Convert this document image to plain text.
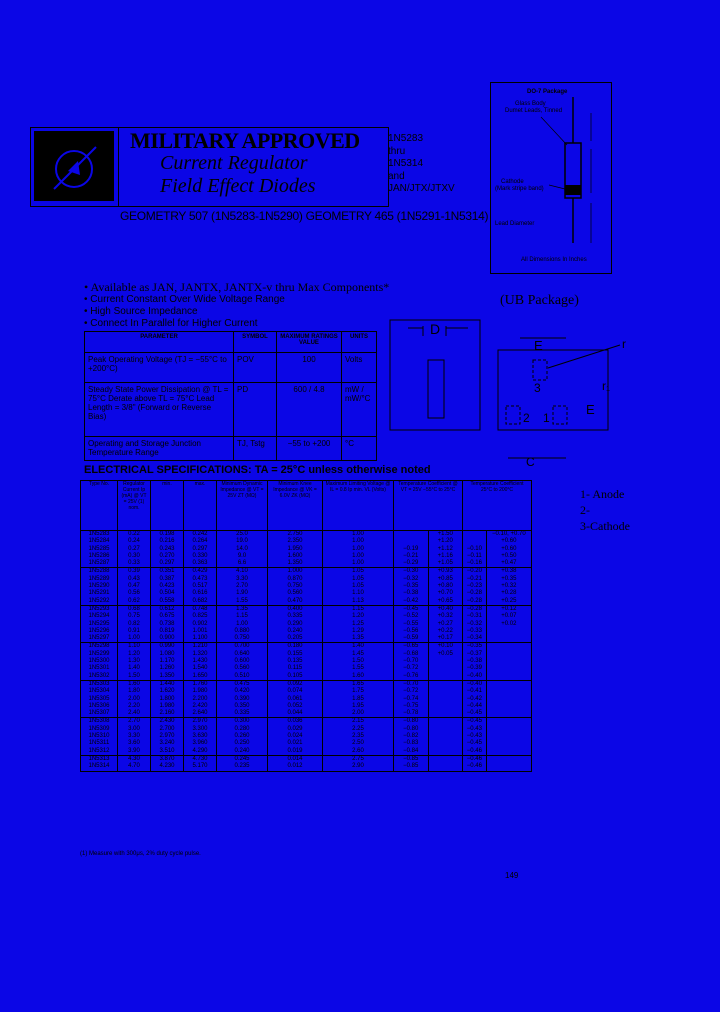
MILITARY APPROVED
Current Regulator
Field Effect Diodes
1N5283
thru
1N5314
and
JAN/JTX/JTXV
GEOMETRY 507 (1N5283-1N5290) GEOMETRY 465 (1N5291-1N5314)
DO-7 Package
Glass Body
Dumet Leads, Tinned
Cathode
(Mark stripe band)
Lead Diameter
All Dimensions In Inches
• Available as JAN, JANTX, JANTX-v thru Max Components*
• Current Constant Over Wide Voltage Range
• High Source Impedance
• Connect In Parallel for Higher Current
PARAMETER	SYMBOL	MAXIMUM RATINGS VALUE	UNITS
Peak Operating Voltage (TJ = −55°C to +200°C)	POV	100	Volts
Steady State Power Dissipation @ TL = 75°C Derate above TL = 75°C Lead Length = 3/8" (Forward or Reverse Bias)	PD	600 / 4.8	mW / mW/°C
Operating and Storage Junction Temperature Range	TJ, Tstg	−55 to +200	°C
(UB Package)
D
3
2 1
E
E
r
r₁
C
1- Anode
2-
3-Cathode
ELECTRICAL SPECIFICATIONS: TA = 25°C unless otherwise noted
Type No.	Regulator Current Ip (mA) @ VT = 25V (1) nom.	min.	max.	Minimum Dynamic Impedance @ VT = 25V ZT (MΩ)	Minimum Knee Impedance @ VK = 6.0V ZK (MΩ)	Maximum Limiting Voltage @ IL = 0.8 Ip min. VL (Volts)	Temperature Coefficient @ VT = 25V −55°C to 25°C		Temperature Coefficient 25°C to 200°C	
1N5283	0.22	0.198	0.242	25.0	2.750	1.00		+1.50		−0.10, +0.70
1N5284	0.24	0.216	0.264	19.0	2.350	1.00		+1.20		+0.60
1N5285	0.27	0.243	0.297	14.0	1.950	1.00	−0.19	+1.12	−0.10	+0.60
1N5286	0.30	0.270	0.330	9.0	1.600	1.00	−0.21	+1.16	−0.11	+0.50
1N5287	0.33	0.297	0.363	6.6	1.350	1.00	−0.29	+1.05	−0.16	+0.47
1N5288	0.39	0.351	0.429	4.10	1.000	1.05	−0.30	+0.93	−0.20	+0.38
1N5289	0.43	0.387	0.473	3.30	0.870	1.05	−0.32	+0.85	−0.21	+0.35
1N5290	0.47	0.423	0.517	2.70	0.750	1.05	−0.35	+0.80	−0.23	+0.32
1N5291	0.56	0.504	0.616	1.90	0.560	1.10	−0.38	+0.70	−0.28	+0.28
1N5292	0.62	0.558	0.682	1.55	0.470	1.13	−0.42	+0.65	−0.28	+0.25
1N5293	0.68	0.612	0.748	1.35	0.400	1.15	−0.45	+0.40	−0.28	+0.12
1N5294	0.75	0.675	0.825	1.15	0.335	1.20	−0.52	+0.32	−0.31	+0.07
1N5295	0.82	0.738	0.902	1.00	0.290	1.25	−0.55	+0.27	−0.32	+0.02
1N5296	0.91	0.819	1.001	0.880	0.240	1.29	−0.56	+0.22	−0.33	
1N5297	1.00	0.900	1.100	0.750	0.205	1.35	−0.59	+0.17	−0.34	
1N5298	1.10	0.990	1.210	0.700	0.180	1.40	−0.65	+0.10	−0.35	
1N5299	1.20	1.080	1.320	0.640	0.155	1.45	−0.68	+0.05	−0.37	
1N5300	1.30	1.170	1.430	0.600	0.135	1.50	−0.70		−0.38	
1N5301	1.40	1.260	1.540	0.560	0.115	1.55	−0.72		−0.39	
1N5302	1.50	1.350	1.650	0.510	0.105	1.60	−0.76		−0.40	
1N5303	1.60	1.440	1.760	0.475	0.092	1.65	−0.70		−0.40	
1N5304	1.80	1.620	1.980	0.420	0.074	1.75	−0.72		−0.41	
1N5305	2.00	1.800	2.200	0.390	0.061	1.85	−0.74		−0.42	
1N5306	2.20	1.980	2.420	0.350	0.052	1.95	−0.75		−0.44	
1N5307	2.40	2.160	2.640	0.335	0.044	2.00	−0.78		−0.45	
1N5308	2.70	2.430	2.970	0.300	0.036	2.15	−0.80		−0.45	
1N5309	3.00	2.700	3.300	0.280	0.029	2.25	−0.80		−0.43	
1N5310	3.30	2.970	3.630	0.260	0.024	2.35	−0.82		−0.43	
1N5311	3.60	3.240	3.960	0.250	0.021	2.50	−0.83		−0.45	
1N5312	3.90	3.510	4.290	0.240	0.019	2.60	−0.84		−0.46	
1N5313	4.30	3.870	4.730	0.245	0.014	2.75	−0.85		−0.46	
1N5314	4.70	4.230	5.170	0.235	0.012	2.90	−0.85		−0.46	
(1) Measure with 300μs, 2% duty cycle pulse.
149
